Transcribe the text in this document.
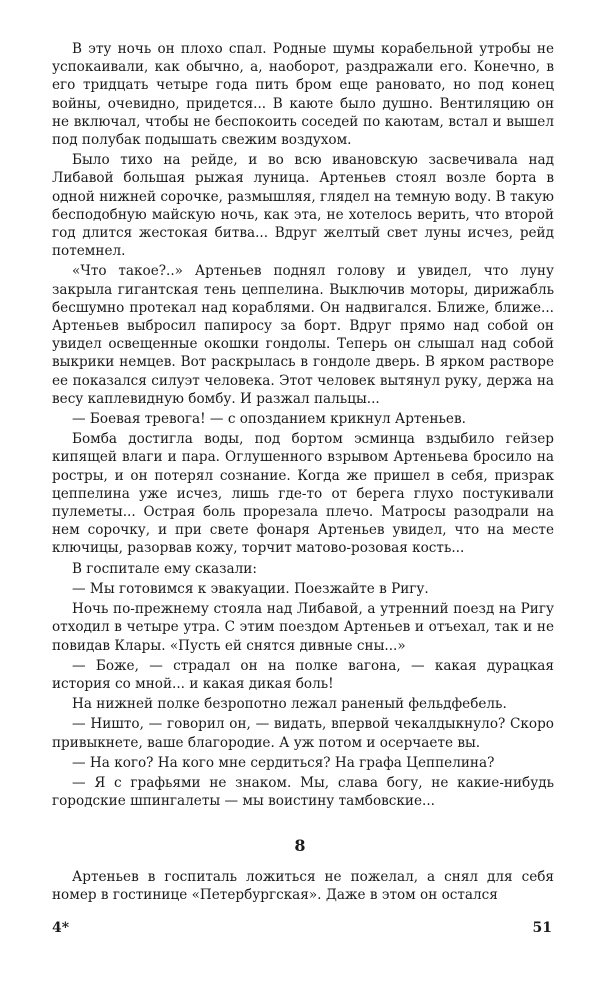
В эту ночь он плохо спал. Родные шумы корабельной утробы не успокаивали, как обычно, а, наоборот, раздражали его. Конечно, в его тридцать четыре года пить бром еще рановато, но под конец войны, очевидно, придется... В каюте было душно. Вентиляцию он не включал, чтобы не беспокоить соседей по каютам, встал и вышел под полубак подышать свежим воздухом.

Было тихо на рейде, и во всю ивановскую засвечивала над Либавой большая рыжая луница. Артеньев стоял возле борта в одной нижней сорочке, размышляя, глядел на темную воду. В такую бесподобную майскую ночь, как эта, не хотелось верить, что второй год длится жестокая битва... Вдруг желтый свет луны исчез, рейд потемнел.

«Что такое?..» Артеньев поднял голову и увидел, что луну закрыла гигантская тень цеппелина. Выключив моторы, дирижабль бесшумно протекал над кораблями. Он надвигался. Ближе, ближе... Артеньев выбросил папиросу за борт. Вдруг прямо над собой он увидел освещенные окошки гондолы. Теперь он слышал над собой выкрики немцев. Вот раскрылась в гондоле дверь. В ярком растворе ее показался силуэт человека. Этот человек вытянул руку, держа на весу каплевидную бомбу. И разжал пальцы...

— Боевая тревога! — с опозданием крикнул Артеньев.

Бомба достигла воды, под бортом эсминца вздыбило гейзер кипящей влаги и пара. Оглушенного взрывом Артеньева бросило на ростры, и он потерял сознание. Когда же пришел в себя, призрак цеппелина уже исчез, лишь где-то от берега глухо постукивали пулеметы... Острая боль прорезала плечо. Матросы разодрали на нем сорочку, и при свете фонаря Артеньев увидел, что на месте ключицы, разорвав кожу, торчит матово-розовая кость...

В госпитале ему сказали:

— Мы готовимся к эвакуации. Поезжайте в Ригу.

Ночь по-прежнему стояла над Либавой, а утренний поезд на Ригу отходил в четыре утра. С этим поездом Артеньев и отъехал, так и не повидав Клары. «Пусть ей снятся дивные сны...»

— Боже, — страдал он на полке вагона, — какая дурацкая история со мной... и какая дикая боль!

На нижней полке безропотно лежал раненый фельдфебель.

— Ништо, — говорил он, — видать, впервой чекалдыкнуло? Скоро привыкнете, ваше благородие. А уж потом и осерчаете вы.

— На кого? На кого мне сердиться? На графа Цеппелина?

— Я с графьями не знаком. Мы, слава богу, не какие-нибудь городские шпингалеты — мы воистину тамбовские...

8

Артеньев в госпиталь ложиться не пожелал, а снял для себя номер в гостинице «Петербургская». Даже в этом он остался

4*	51
